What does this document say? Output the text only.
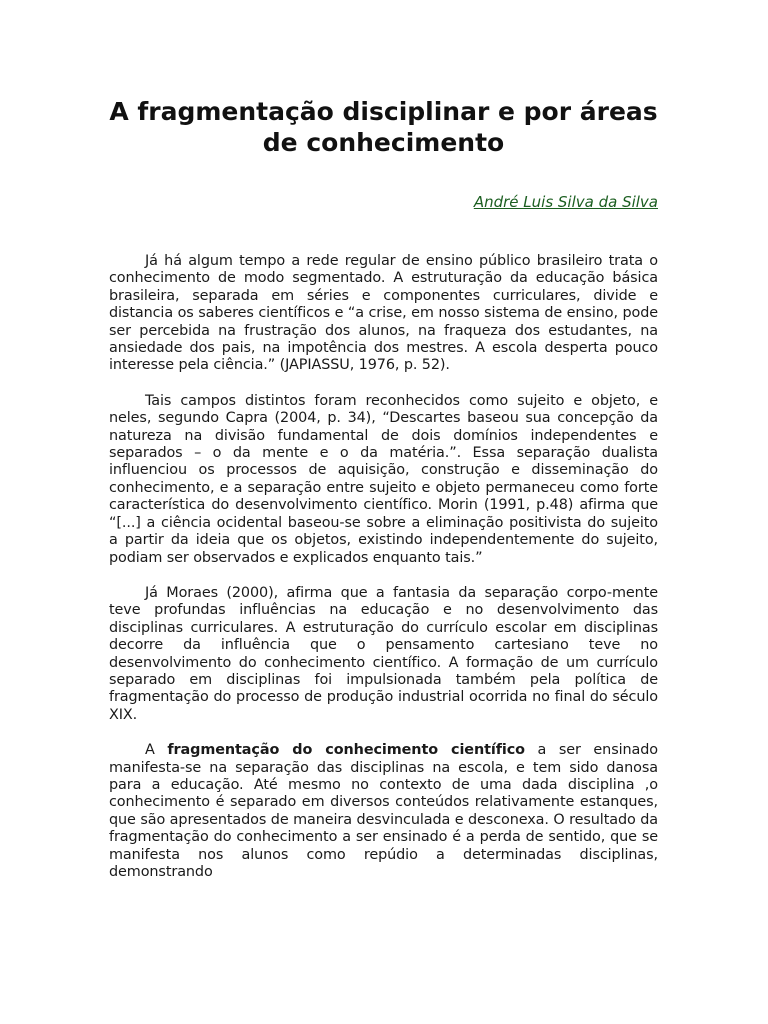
A fragmentação disciplinar e por áreas de conhecimento
André Luis Silva da Silva

Já há algum tempo a rede regular de ensino público brasileiro trata o conhecimento de modo segmentado. A estruturação da educação básica brasileira, separada em séries e componentes curriculares, divide e distancia os saberes científicos e “a crise, em nosso sistema de ensino, pode ser percebida na frustração dos alunos, na fraqueza dos estudantes, na ansiedade dos pais, na impotência dos mestres. A escola desperta pouco interesse pela ciência.” (JAPIASSU, 1976, p. 52).

Tais campos distintos foram reconhecidos como sujeito e objeto, e neles, segundo Capra (2004, p. 34), “Descartes baseou sua concepção da natureza na divisão fundamental de dois domínios independentes e separados – o da mente e o da matéria.”. Essa separação dualista influenciou os processos de aquisição, construção e disseminação do conhecimento, e a separação entre sujeito e objeto permaneceu como forte característica do desenvolvimento científico. Morin (1991, p.48) afirma que “[...] a ciência ocidental baseou-se sobre a eliminação positivista do sujeito a partir da ideia que os objetos, existindo independentemente do sujeito, podiam ser observados e explicados enquanto tais.”

Já Moraes (2000), afirma que a fantasia da separação corpo-mente teve profundas influências na educação e no desenvolvimento das disciplinas curriculares. A estruturação do currículo escolar em disciplinas decorre da influência que o pensamento cartesiano teve no desenvolvimento do conhecimento científico. A formação de um currículo separado em disciplinas foi impulsionada também pela política de fragmentação do processo de produção industrial ocorrida no final do século XIX.

A fragmentação do conhecimento científico a ser ensinado manifesta-se na separação das disciplinas na escola, e tem sido danosa para a educação. Até mesmo no contexto de uma dada disciplina ,o conhecimento é separado em diversos conteúdos relativamente estanques, que são apresentados de maneira desvinculada e desconexa. O resultado da fragmentação do conhecimento a ser ensinado é a perda de sentido, que se manifesta nos alunos como repúdio a determinadas disciplinas, demonstrando
